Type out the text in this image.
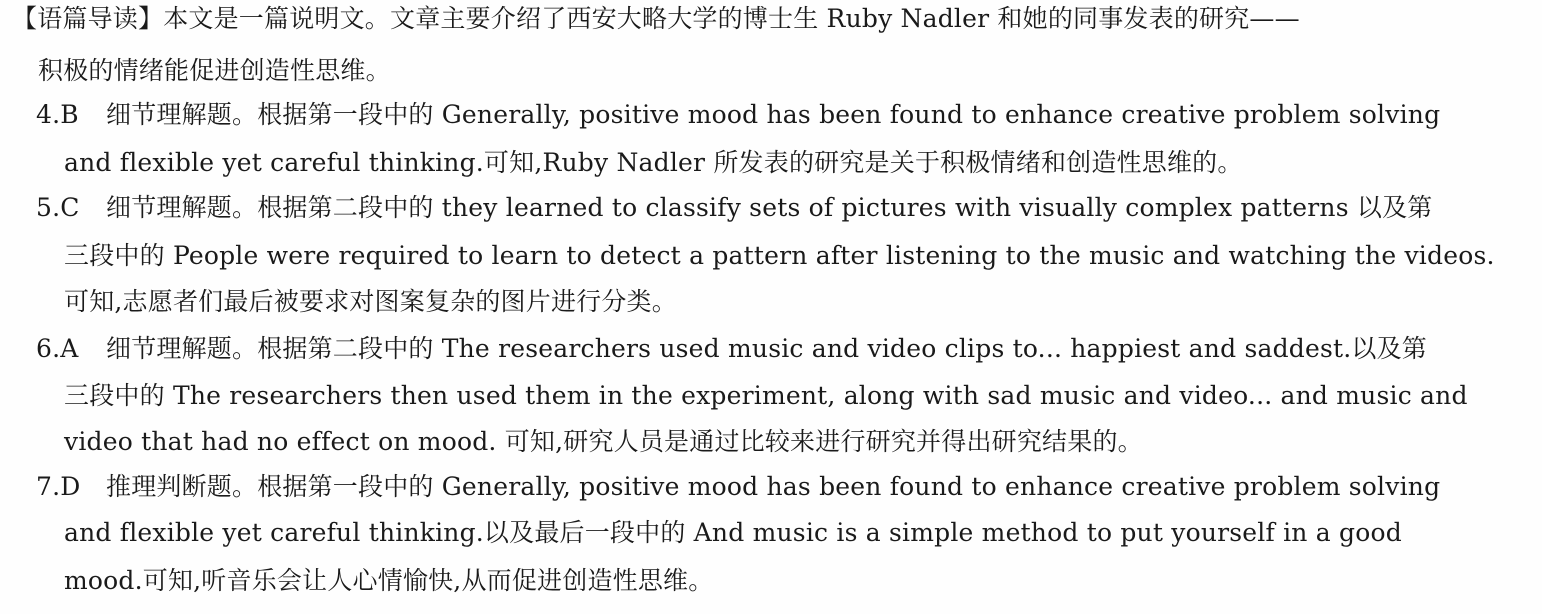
【语篇导读】本文是一篇说明文。文章主要介绍了西安大略大学的博士生 Ruby Nadler 和她的同事发表的研究——
积极的情绪能促进创造性思维。
4.B 细节理解题。根据第一段中的 Generally, positive mood has been found to enhance creative problem solving
and flexible yet careful thinking.可知,Ruby Nadler 所发表的研究是关于积极情绪和创造性思维的。
5.C 细节理解题。根据第二段中的 they learned to classify sets of pictures with visually complex patterns 以及第
三段中的 People were required to learn to detect a pattern after listening to the music and watching the videos.
可知,志愿者们最后被要求对图案复杂的图片进行分类。
6.A 细节理解题。根据第二段中的 The researchers used music and video clips to... happiest and saddest.以及第
三段中的 The researchers then used them in the experiment, along with sad music and video... and music and
video that had no effect on mood. 可知,研究人员是通过比较来进行研究并得出研究结果的。
7.D 推理判断题。根据第一段中的 Generally, positive mood has been found to enhance creative problem solving
and flexible yet careful thinking.以及最后一段中的 And music is a simple method to put yourself in a good
mood.可知,听音乐会让人心情愉快,从而促进创造性思维。
